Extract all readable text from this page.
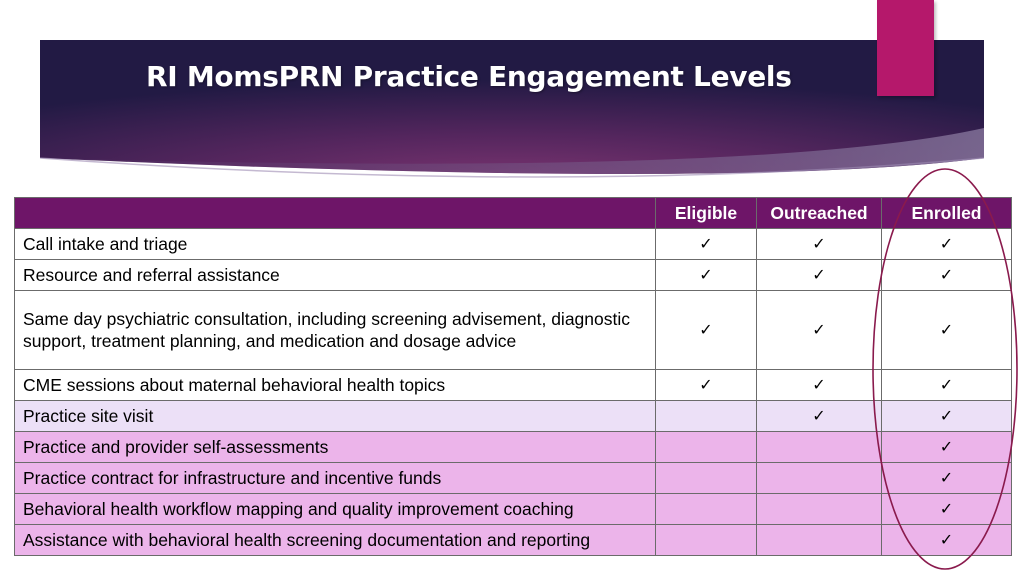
RI MomsPRN Practice Engagement Levels
	Eligible	Outreached	Enrolled
Call intake and triage	✓	✓	✓
Resource and referral assistance	✓	✓	✓
Same day psychiatric consultation, including screening advisement, diagnostic support, treatment planning, and medication and dosage advice	✓	✓	✓
CME sessions about maternal behavioral health topics	✓	✓	✓
Practice site visit		✓	✓
Practice and provider self-assessments			✓
Practice contract for infrastructure and incentive funds			✓
Behavioral health workflow mapping and quality improvement coaching			✓
Assistance with behavioral health screening documentation and reporting			✓
